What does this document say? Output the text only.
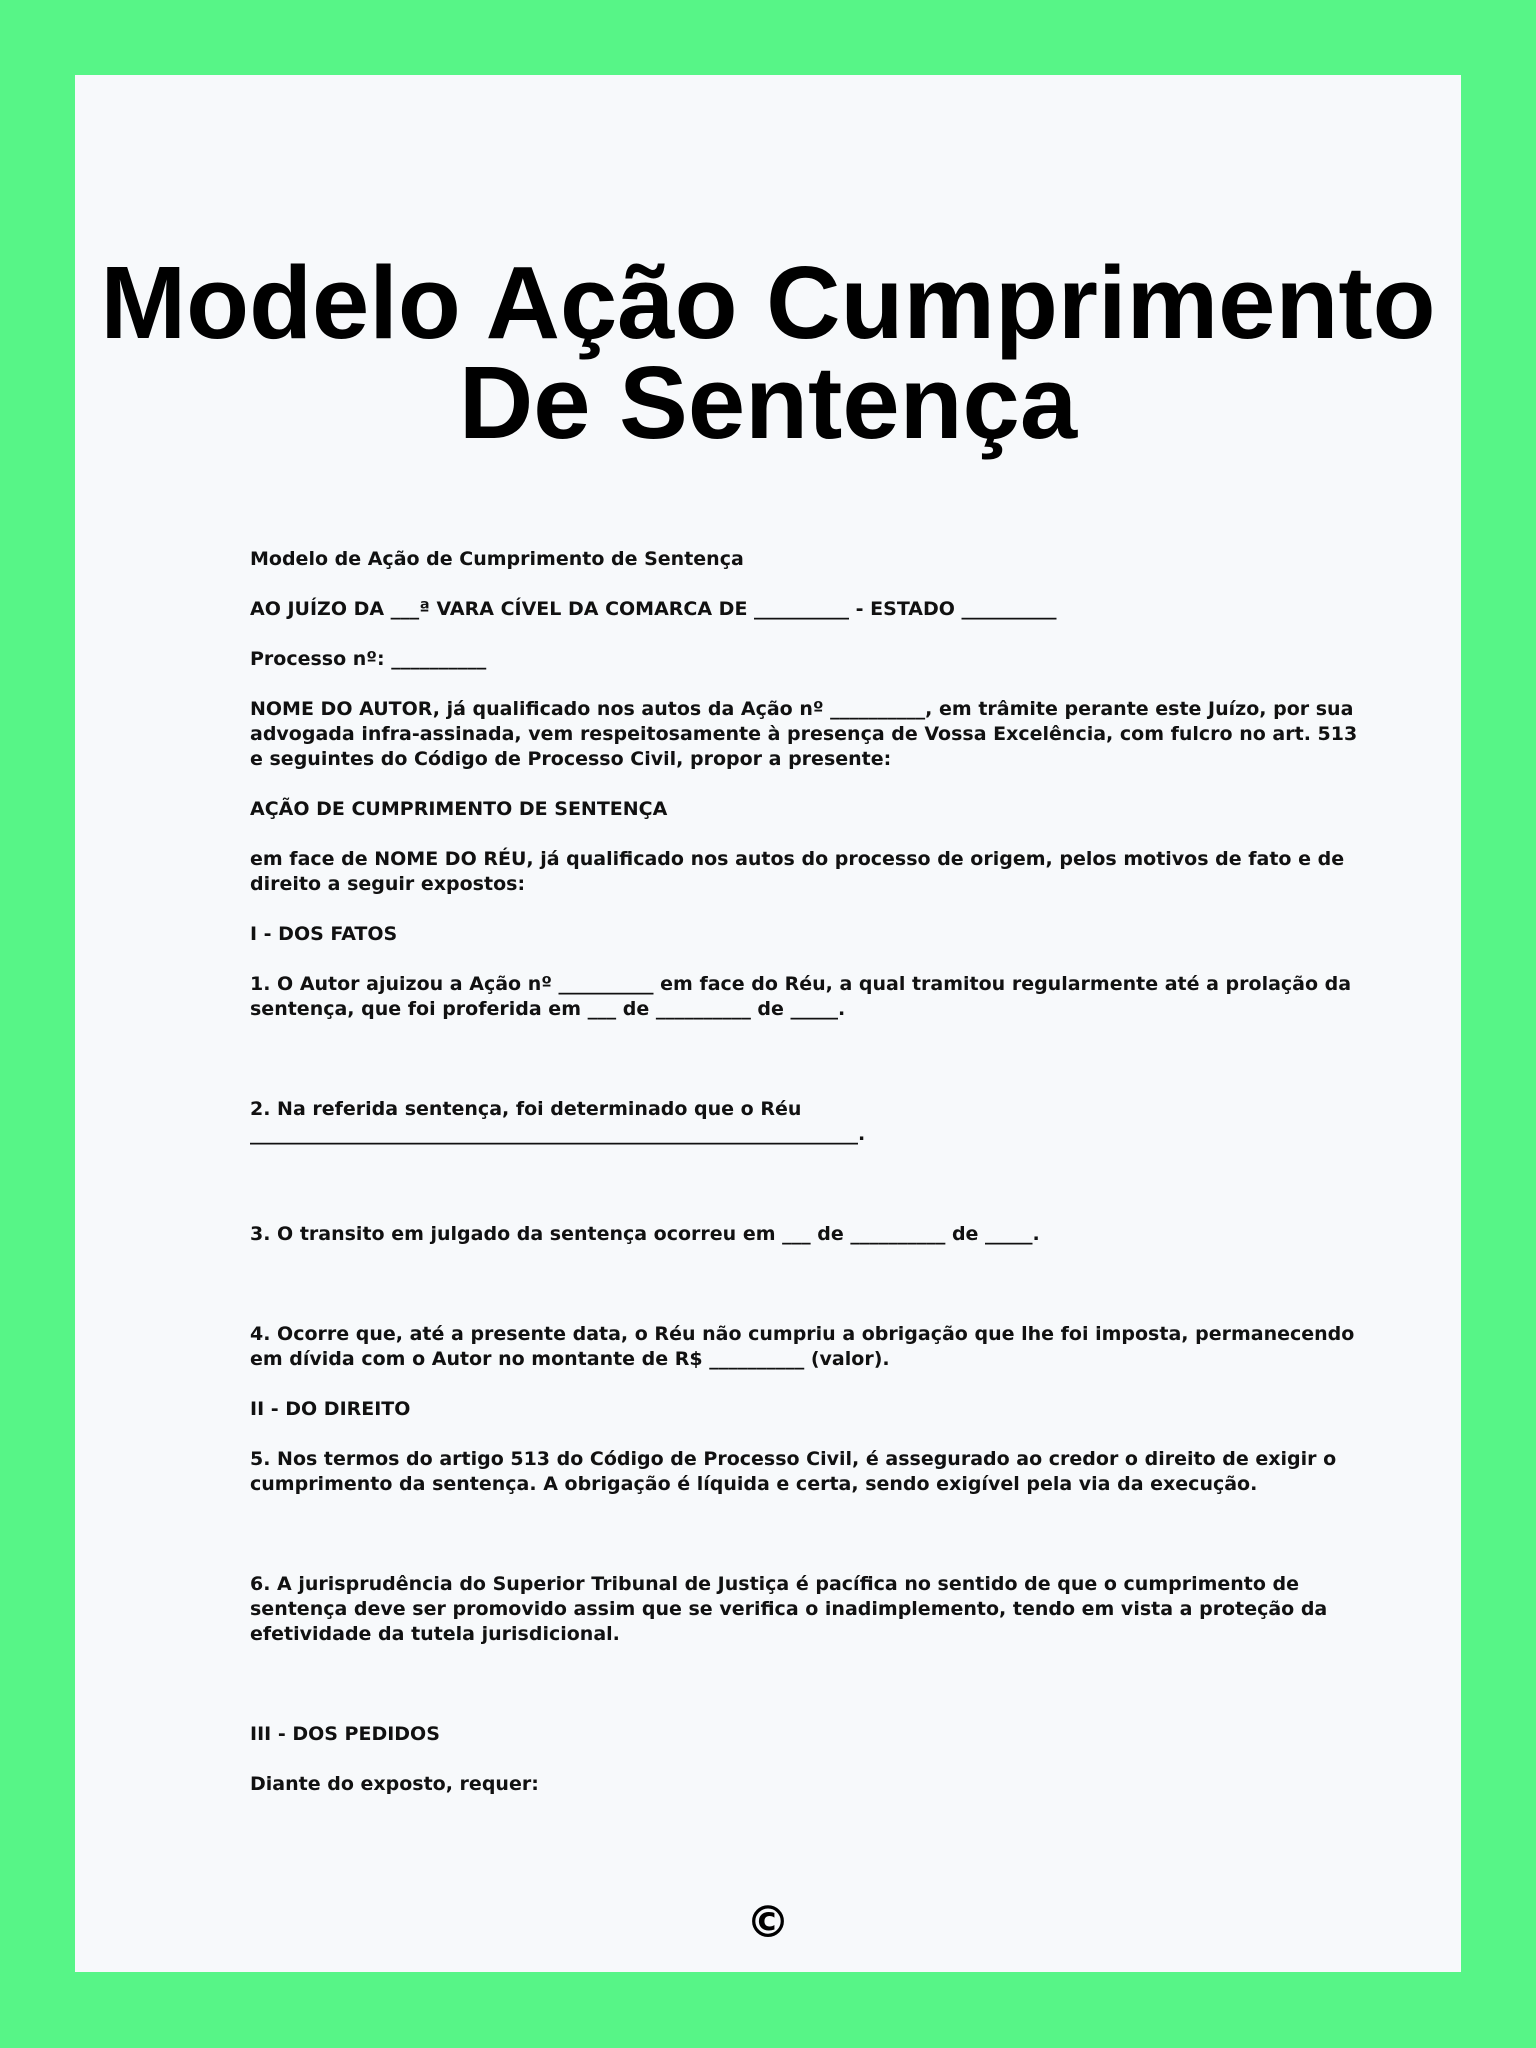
Modelo Ação Cumprimento
De Sentença

Modelo de Ação de Cumprimento de Sentença

AO JUÍZO DA ___ª VARA CÍVEL DA COMARCA DE __________ - ESTADO __________

Processo nº: __________

NOME DO AUTOR, já qualificado nos autos da Ação nº __________, em trâmite perante este Juízo, por sua advogada infra-assinada, vem respeitosamente à presença de Vossa Excelência, com fulcro no art. 513 e seguintes do Código de Processo Civil, propor a presente:

AÇÃO DE CUMPRIMENTO DE SENTENÇA

em face de NOME DO RÉU, já qualificado nos autos do processo de origem, pelos motivos de fato e de direito a seguir expostos:

I - DOS FATOS

1. O Autor ajuizou a Ação nº __________ em face do Réu, a qual tramitou regularmente até a prolação da sentença, que foi proferida em ___ de __________ de _____.

2. Na referida sentença, foi determinado que o Réu ________________________________________________________________.

3. O transito em julgado da sentença ocorreu em ___ de __________ de _____.

4. Ocorre que, até a presente data, o Réu não cumpriu a obrigação que lhe foi imposta, permanecendo em dívida com o Autor no montante de R$ __________ (valor).

II - DO DIREITO

5. Nos termos do artigo 513 do Código de Processo Civil, é assegurado ao credor o direito de exigir o cumprimento da sentença. A obrigação é líquida e certa, sendo exigível pela via da execução.

6. A jurisprudência do Superior Tribunal de Justiça é pacífica no sentido de que o cumprimento de sentença deve ser promovido assim que se verifica o inadimplemento, tendo em vista a proteção da efetividade da tutela jurisdicional.

III - DOS PEDIDOS

Diante do exposto, requer:

©
